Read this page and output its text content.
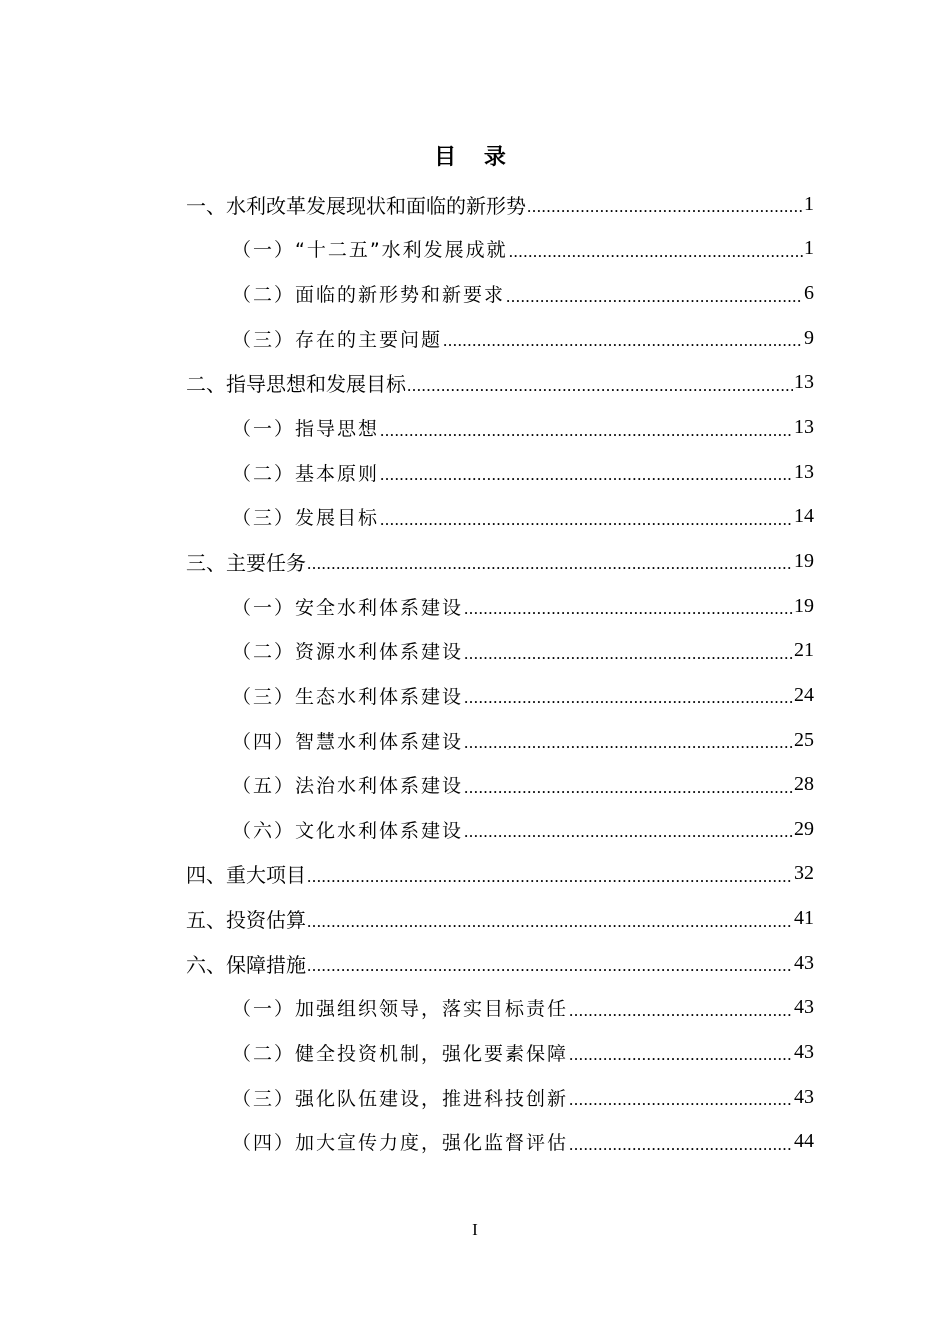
目 录
一、水利改革发展现状和面临的新形势 .....	1
（一）“十二五”水利发展成就 .....	1
（二）面临的新形势和新要求 .....	6
（三）存在的主要问题 .....	9
二、指导思想和发展目标 .....	13
（一）指导思想 .....	13
（二）基本原则 .....	13
（三）发展目标 .....	14
三、主要任务 .....	19
（一）安全水利体系建设 .....	19
（二）资源水利体系建设 .....	21
（三）生态水利体系建设 .....	24
（四）智慧水利体系建设 .....	25
（五）法治水利体系建设 .....	28
（六）文化水利体系建设 .....	29
四、重大项目 .....	32
五、投资估算 .....	41
六、保障措施 .....	43
（一）加强组织领导，落实目标责任 .....	43
（二）健全投资机制，强化要素保障 .....	43
（三）强化队伍建设，推进科技创新 .....	43
（四）加大宣传力度，强化监督评估 .....	44
I
